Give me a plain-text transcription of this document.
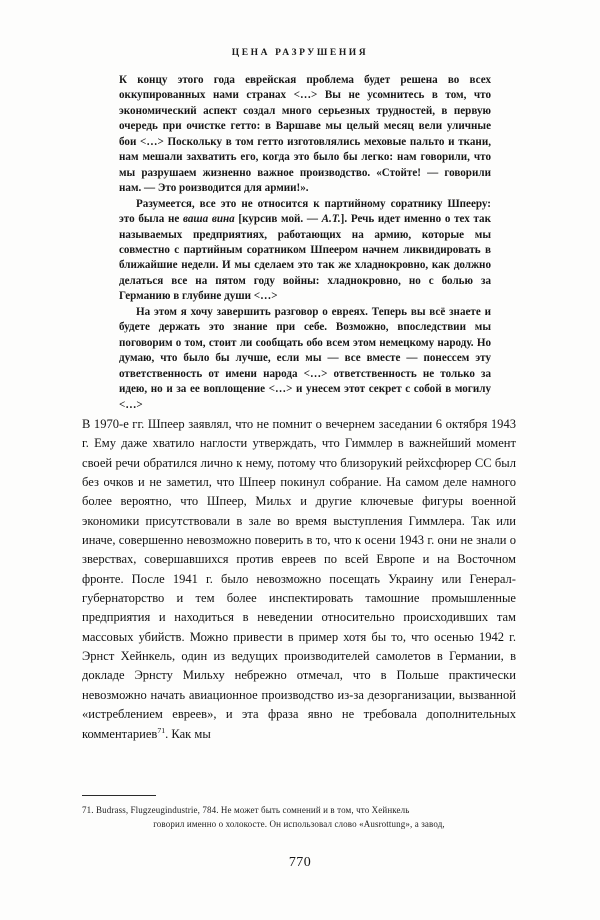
ЦЕНА РАЗРУШЕНИЯ

К концу этого года еврейская проблема будет решена во всех оккупированных нами странах <…> Вы не усомнитесь в том, что экономический аспект создал много серьезных трудностей, в первую очередь при очистке гетто: в Варшаве мы целый месяц вели уличные бои <…> Поскольку в том гетто изготовлялись меховые пальто и ткани, нам мешали захватить его, когда это было бы легко: нам говорили, что мы разрушаем жизненно важное производство. «Стойте! — говорили нам. — Это роизводится для армии!».

Разумеется, все это не относится к партийному соратнику Шпееру: это была не ваша вина [курсив мой. — А.Т.]. Речь идет именно о тех так называемых предприятиях, работающих на армию, которые мы совместно с партийным соратником Шпеером начнем ликвидировать в ближайшие недели. И мы сделаем это так же хладнокровно, как должно делаться все на пятом году войны: хладнокровно, но с болью за Германию в глубине души <…>

На этом я хочу завершить разговор о евреях. Теперь вы всё знаете и будете держать это знание при себе. Возможно, впоследствии мы поговорим о том, стоит ли сообщать обо всем этом немецкому народу. Но думаю, что было бы лучше, если мы — все вместе — понессем эту ответственность от имени народа <…> ответственность не только за идею, но и за ее воплощение <…> и унесем этот секрет с собой в могилу <…>

В 1970-е гг. Шпеер заявлял, что не помнит о вечернем заседании 6 октября 1943 г. Ему даже хватило наглости утверждать, что Гиммлер в важнейший момент своей речи обратился лично к нему, потому что близорукий рейхсфюрер СС был без очков и не заметил, что Шпеер покинул собрание. На самом деле намного более вероятно, что Шпеер, Мильх и другие ключевые фигуры военной экономики присутствовали в зале во время выступления Гиммлера. Так или иначе, совершенно невозможно поверить в то, что к осени 1943 г. они не знали о зверствах, совершавшихся против евреев по всей Европе и на Восточном фронте. После 1941 г. было невозможно посещать Украину или Генерал-губернаторство и тем более инспектировать тамошние промышленные предприятия и находиться в неведении относительно происходивших там массовых убийств. Можно привести в пример хотя бы то, что осенью 1942 г. Эрнст Хейнкель, один из ведущих производителей самолетов в Германии, в докладе Эрнсту Мильху небрежно отмечал, что в Польше практически невозможно начать авиационное производство из-за дезорганизации, вызванной «истреблением евреев», и эта фраза явно не требовала дополнительных комментариев$^{71}$. Как мы

71. Budrass, Flugzeugindustrie, 784. Не может быть сомнений и в том, что Хейнкель

говорил именно о холокосте. Он использовал слово «Ausrottung», а завод,

770
